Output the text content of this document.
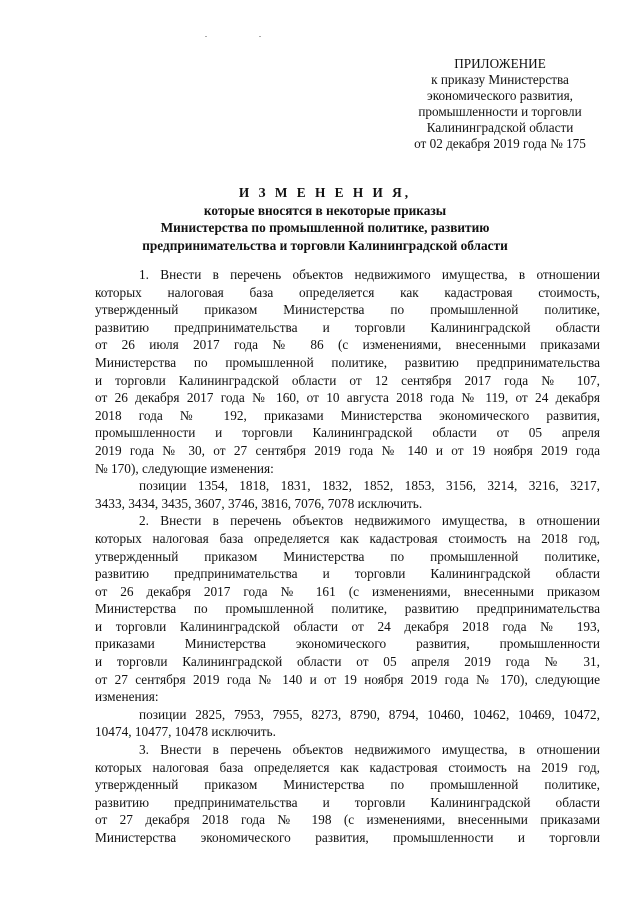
ПРИЛОЖЕНИЕ
к приказу Министерства
экономического развития,
промышленности и торговли
Калининградской области
от 02 декабря 2019 года № 175
И З М Е Н Е Н И Я,
которые вносятся в некоторые приказы
Министерства по промышленной политике, развитию
предпринимательства и торговли Калининградской области
1. Внести в перечень объектов недвижимого имущества, в отношении
которых налоговая база определяется как кадастровая стоимость,
утвержденный приказом Министерства по промышленной политике,
развитию предпринимательства и торговли Калининградской области
от 26 июля 2017 года № 86 (с изменениями, внесенными приказами
Министерства по промышленной политике, развитию предпринимательства
и торговли Калининградской области от 12 сентября 2017 года № 107,
от 26 декабря 2017 года № 160, от 10 августа 2018 года № 119, от 24 декабря
2018 года № 192, приказами Министерства экономического развития,
промышленности и торговли Калининградской области от 05 апреля
2019 года № 30, от 27 сентября 2019 года № 140 и от 19 ноября 2019 года
№ 170), следующие изменения:
позиции 1354, 1818, 1831, 1832, 1852, 1853, 3156, 3214, 3216, 3217,
3433, 3434, 3435, 3607, 3746, 3816, 7076, 7078 исключить.
2. Внести в перечень объектов недвижимого имущества, в отношении
которых налоговая база определяется как кадастровая стоимость на 2018 год,
утвержденный приказом Министерства по промышленной политике,
развитию предпринимательства и торговли Калининградской области
от 26 декабря 2017 года № 161 (с изменениями, внесенными приказом
Министерства по промышленной политике, развитию предпринимательства
и торговли Калининградской области от 24 декабря 2018 года № 193,
приказами Министерства экономического развития, промышленности
и торговли Калининградской области от 05 апреля 2019 года № 31,
от 27 сентября 2019 года № 140 и от 19 ноября 2019 года № 170), следующие
изменения:
позиции 2825, 7953, 7955, 8273, 8790, 8794, 10460, 10462, 10469, 10472,
10474, 10477, 10478 исключить.
3. Внести в перечень объектов недвижимого имущества, в отношении
которых налоговая база определяется как кадастровая стоимость на 2019 год,
утвержденный приказом Министерства по промышленной политике,
развитию предпринимательства и торговли Калининградской области
от 27 декабря 2018 года № 198 (с изменениями, внесенными приказами
Министерства экономического развития, промышленности и торговли
